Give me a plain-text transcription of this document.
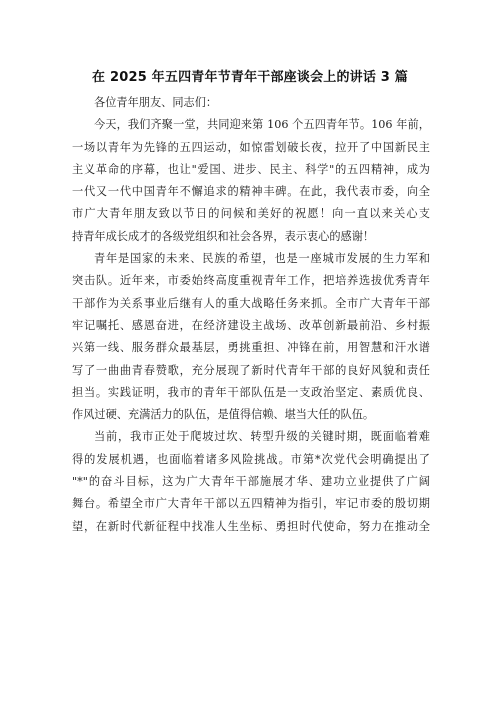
在 2025 年五四青年节青年干部座谈会上的讲话 3 篇

各位青年朋友、同志们：

今天，我们齐聚一堂，共同迎来第 106 个五四青年节。106 年前，
一场以青年为先锋的五四运动，如惊雷划破长夜，拉开了中国新民主
主义革命的序幕，也让"爱国、进步、民主、科学"的五四精神，成为
一代又一代中国青年不懈追求的精神丰碑。在此，我代表市委，向全
市广大青年朋友致以节日的问候和美好的祝愿！向一直以来关心支
持青年成长成才的各级党组织和社会各界，表示衷心的感谢！

青年是国家的未来、民族的希望，也是一座城市发展的生力军和
突击队。近年来，市委始终高度重视青年工作，把培养选拔优秀青年
干部作为关系事业后继有人的重大战略任务来抓。全市广大青年干部
牢记嘱托、感恩奋进，在经济建设主战场、改革创新最前沿、乡村振
兴第一线、服务群众最基层，勇挑重担、冲锋在前，用智慧和汗水谱
写了一曲曲青春赞歌，充分展现了新时代青年干部的良好风貌和责任
担当。实践证明，我市的青年干部队伍是一支政治坚定、素质优良、
作风过硬、充满活力的队伍，是值得信赖、堪当大任的队伍。

当前，我市正处于爬坡过坎、转型升级的关键时期，既面临着难
得的发展机遇，也面临着诸多风险挑战。市第*次党代会明确提出了
"*"的奋斗目标，这为广大青年干部施展才华、建功立业提供了广阔
舞台。希望全市广大青年干部以五四精神为指引，牢记市委的殷切期
望，在新时代新征程中找准人生坐标、勇担时代使命，努力在推动全
